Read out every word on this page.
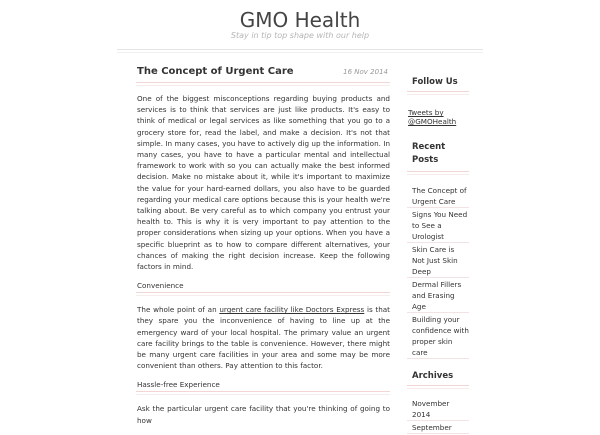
GMO Health
Stay in tip top shape with our help
The Concept of Urgent Care	16 Nov 2014

One of the biggest misconceptions regarding buying products and services is to think that services are just like products. It's easy to think of medical or legal services as like something that you go to a grocery store for, read the label, and make a decision. It's not that simple. In many cases, you have to actively dig up the information. In many cases, you have to have a particular mental and intellectual framework to work with so you can actually make the best informed decision. Make no mistake about it, while it's important to maximize the value for your hard-earned dollars, you also have to be guarded regarding your medical care options because this is your health we're talking about. Be very careful as to which company you entrust your health to. This is why it is very important to pay attention to the proper considerations when sizing up your options. When you have a specific blueprint as to how to compare different alternatives, your chances of making the right decision increase. Keep the following factors in mind.

Convenience

The whole point of an urgent care facility like Doctors Express is that they spare you the inconvenience of having to line up at the emergency ward of your local hospital. The primary value an urgent care facility brings to the table is convenience. However, there might be many urgent care facilities in your area and some may be more convenient than others. Pay attention to this factor.

Hassle-free Experience

Ask the particular urgent care facility that you're thinking of going to how

Follow Us
Tweets by @GMOHealth
Recent Posts
The Concept of Urgent Care
Signs You Need to See a Urologist
Skin Care is Not Just Skin Deep
Dermal Fillers and Erasing Age
Building your confidence with proper skin care
Archives
November 2014
September
